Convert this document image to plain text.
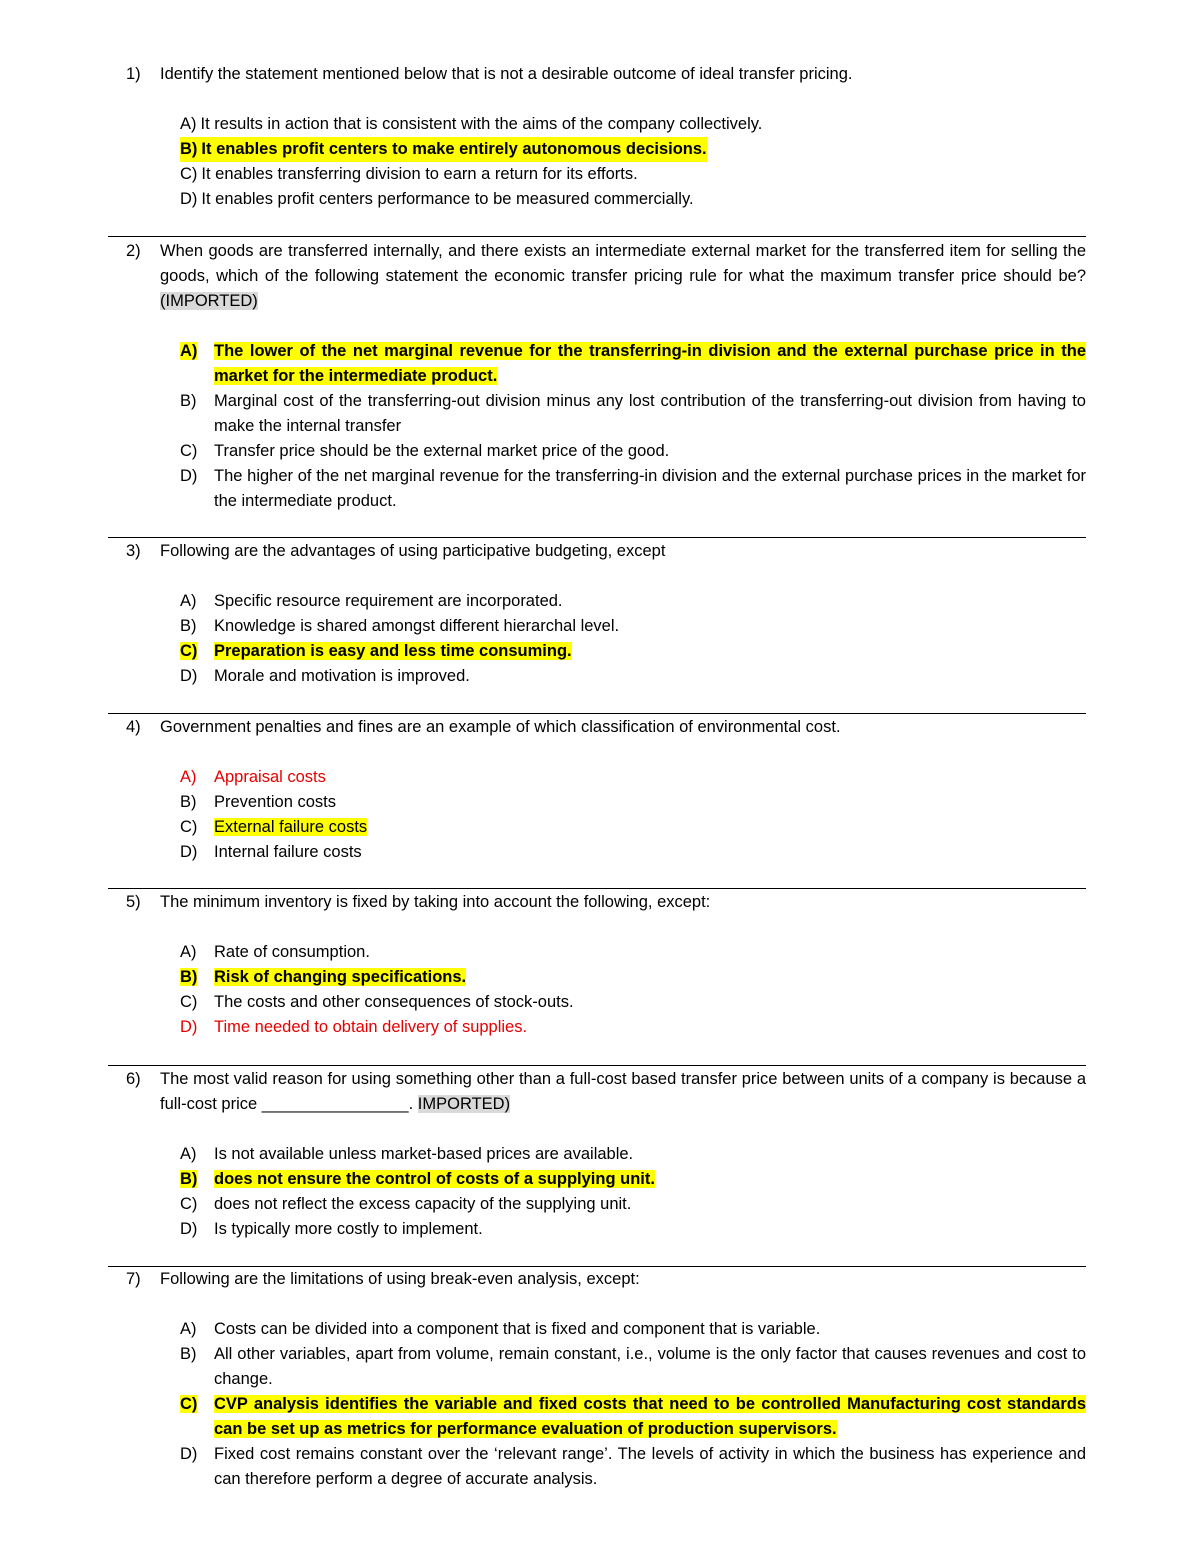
1)	Identify the statement mentioned below that is not a desirable outcome of ideal transfer pricing.
A) It results in action that is consistent with the aims of the company collectively.
B) It enables profit centers to make entirely autonomous decisions.
C) It enables transferring division to earn a return for its efforts.
D) It enables profit centers performance to be measured commercially.
2)	When goods are transferred internally, and there exists an intermediate external market for the transferred item for selling the goods, which of the following statement the economic transfer pricing rule for what the maximum transfer price should be? (IMPORTED)
A)	The lower of the net marginal revenue for the transferring-in division and the external purchase price in the market for the intermediate product.
B)	Marginal cost of the transferring-out division minus any lost contribution of the transferring-out division from having to make the internal transfer
C)	Transfer price should be the external market price of the good.
D)	The higher of the net marginal revenue for the transferring-in division and the external purchase prices in the market for the intermediate product.
3)	Following are the advantages of using participative budgeting, except
A)	Specific resource requirement are incorporated.
B)	Knowledge is shared amongst different hierarchal level.
C)	Preparation is easy and less time consuming.
D)	Morale and motivation is improved.
4)	Government penalties and fines are an example of which classification of environmental cost.
A)	Appraisal costs
B)	Prevention costs
C)	External failure costs
D)	Internal failure costs
5)	The minimum inventory is fixed by taking into account the following, except:
A)	Rate of consumption.
B)	Risk of changing specifications.
C)	The costs and other consequences of stock-outs.
D)	Time needed to obtain delivery of supplies.
6)	The most valid reason for using something other than a full-cost based transfer price between units of a company is because a full-cost price ________________. IMPORTED)
A)	Is not available unless market-based prices are available.
B)	does not ensure the control of costs of a supplying unit.
C)	does not reflect the excess capacity of the supplying unit.
D)	Is typically more costly to implement.
7)	Following are the limitations of using break-even analysis, except:
A)	Costs can be divided into a component that is fixed and component that is variable.
B)	All other variables, apart from volume, remain constant, i.e., volume is the only factor that causes revenues and cost to change.
C)	CVP analysis identifies the variable and fixed costs that need to be controlled Manufacturing cost standards can be set up as metrics for performance evaluation of production supervisors.
D)	Fixed cost remains constant over the ‘relevant range’. The levels of activity in which the business has experience and can therefore perform a degree of accurate analysis.
